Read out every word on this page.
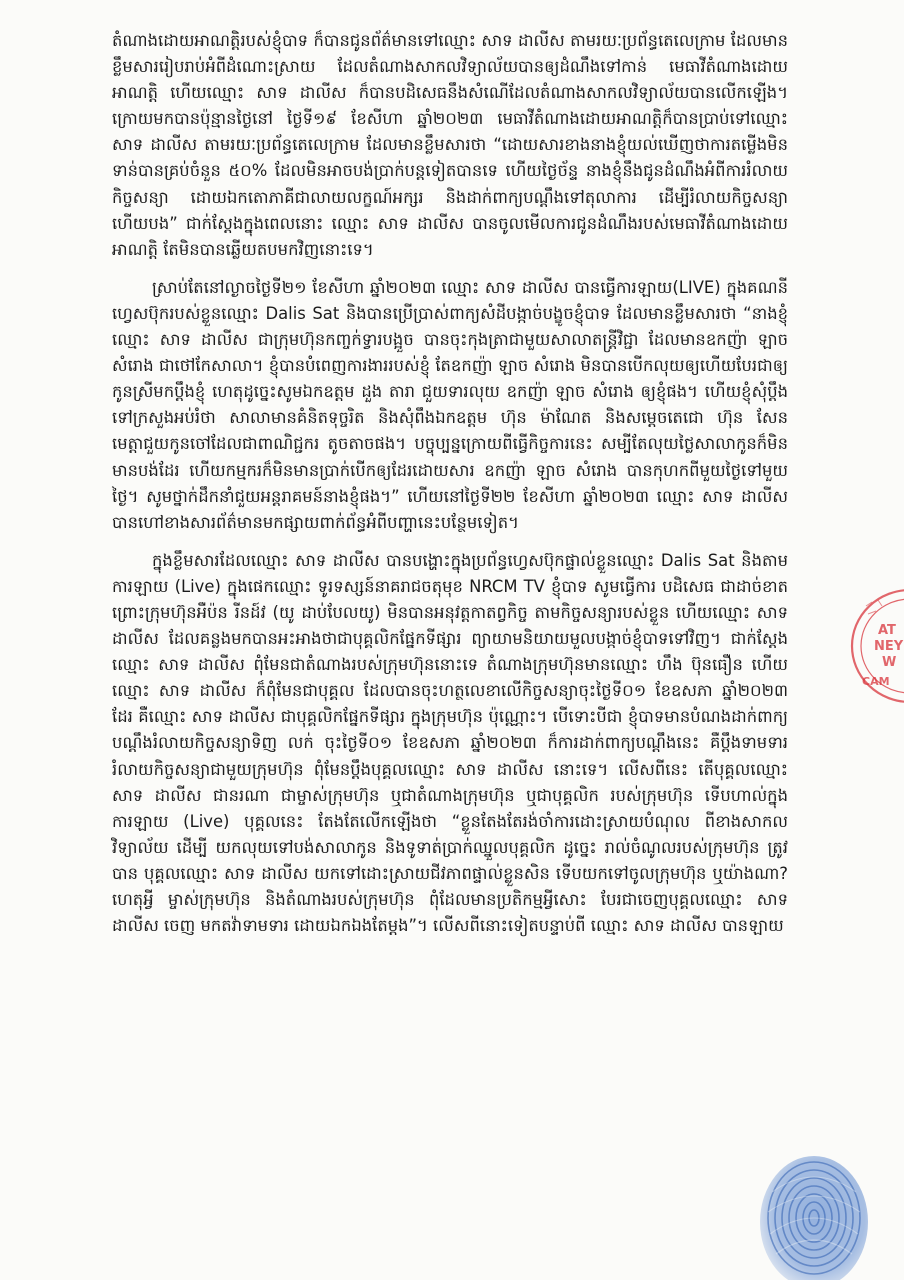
តំណាងដោយអាណត្តិរបស់ខ្ញុំបាទ ក៏បានជូនព័ត៌មានទៅឈ្មោះ សាទ ដាលីស តាមរយៈប្រព័ន្ធតេលេក្រាម ដែលមានខ្លឹមសាររៀបរាប់អំពីដំណោះស្រាយ ដែលតំណាងសាកលវិទ្យាល័យបានឲ្យដំណឹងទៅកាន់ មេធាវីតំណាងដោយអាណត្តិ ហើយឈ្មោះ សាទ ដាលីស ក៏បានបដិសេធនឹងសំណើដែលតំណាងសាកលវិទ្យាល័យបានលើកឡើង។ ក្រោយមកបានប៉ុន្មានថ្ងៃនៅ ថ្ងៃទី១៩ ខែសីហា ឆ្នាំ២០២៣ មេធាវីតំណាងដោយអាណត្តិក៏បានប្រាប់ទៅឈ្មោះ សាទ ដាលីស តាមរយៈប្រព័ន្ធតេលេក្រាម ដែលមានខ្លឹមសារថា “ដោយសារខាងនាងខ្ញុំយល់ឃើញថាការតម្លើងមិនទាន់បានគ្រប់ចំនួន ៥០% ដែលមិនអាចបង់ប្រាក់បន្តទៀតបានទេ ហើយថ្ងៃច័ន្ទ នាងខ្ញុំនឹងជូនដំណឹងអំពីការរំលាយកិច្ចសន្យា ដោយឯកតោភាគីជាលាយលក្ខណ៍អក្សរ និងដាក់ពាក្យបណ្ដឹងទៅតុលាការ ដើម្បីរំលាយកិច្ចសន្យាហើយបង” ជាក់ស្ដែងក្នុងពេលនោះ ឈ្មោះ សាទ ដាលីស បានចូលមើលការជូនដំណឹងរបស់មេធាវីតំណាងដោយអាណត្តិ តែមិនបានឆ្លើយតបមកវិញនោះទេ។

ស្រាប់តែនៅល្ងាចថ្ងៃទី២១ ខែសីហា ឆ្នាំ២០២៣ ឈ្មោះ សាទ ដាលីស បានធ្វើការឡាយ(LIVE) ក្នុងគណនីហ្វេសប៊ុករបស់ខ្លួនឈ្មោះ Dalis Sat និងបានប្រើប្រាស់ពាក្យសំដីបង្កាច់បង្ខូចខ្ញុំបាទ ដែលមានខ្លឹមសារថា “នាងខ្ញុំឈ្មោះ សាទ ដាលីស ជាក្រុមហ៊ុនកញ្ចក់ទ្វារបង្អួច បានចុះកុងត្រាជាមួយសាលាតន្ត្រីវិជ្ជា ដែលមានឧកញ៉ា ឡាច សំរោង ជាថៅកែសាលា។ ខ្ញុំបានបំពេញការងាររបស់ខ្ញុំ តែឧកញ៉ា ឡាច សំរោង មិនបានបើកលុយឲ្យហើយបែរជាឲ្យកូនស្រីមកប្ដឹងខ្ញុំ ហេតុដូច្នេះសូមឯកឧត្តម ដួង តារា ជួយទារលុយ ឧកញ៉ា ឡាច សំរោង ឲ្យខ្ញុំផង។ ហើយខ្ញុំសុំប្ដឹងទៅក្រសួងអប់រំថា សាលាមានគំនិតទុច្ចរិត និងសុំពឹងឯកឧត្តម ហ៊ុន ម៉ាណែត និងសម្ដេចតេជោ ហ៊ុន សែន មេត្តាជួយកូនចៅដែលជាពាណិជ្ជករ តូចតាចផង។ បច្ចុប្បន្នក្រោយពីធ្វើកិច្ចការនេះ សម្បីតែលុយថ្លៃសាលាកូនក៏មិនមានបង់ដែរ ហើយកម្មករក៏មិនមានប្រាក់បើកឲ្យដែរដោយសារ ឧកញ៉ា ឡាច សំរោង បានកុហកពីមួយថ្ងៃទៅមួយថ្ងៃ។ សូមថ្នាក់ដឹកនាំជួយអន្តរាគមន៍នាងខ្ញុំផង។” ហើយនៅថ្ងៃទី២២ ខែសីហា ឆ្នាំ២០២៣ ឈ្មោះ សាទ ដាលីស បានហៅខាងសារព័ត៌មានមកផ្សាយពាក់ព័ន្ធអំពីបញ្ហានេះបន្ថែមទៀត។

ក្នុងខ្លឹមសារដែលឈ្មោះ សាទ ដាលីស បានបង្ហោះក្នុងប្រព័ន្ធហ្វេសប៊ុកផ្ទាល់ខ្លួនឈ្មោះ Dalis Sat និងតាមការឡាយ (Live) ក្នុងផេកឈ្មោះ ទូរទស្សន៍នាគរាជចតុមុខ NRCM TV ខ្ញុំបាទ សូមធ្វើការ បដិសេធ ជាដាច់ខាត ព្រោះក្រុមហ៊ុនអឺប៉ន រីនដ៍វ (យូ ដាប់បែលយូ) មិនបានអនុវត្តកាតព្វកិច្ច តាមកិច្ចសន្យារបស់ខ្លួន ហើយឈ្មោះ សាទ ដាលីស ដែលគន្លងមកបានអះអាងថាជាបុគ្គលិកផ្នែកទីផ្សារ ព្យាយាមនិយាយមួលបង្កាច់ខ្ញុំបាទទៅវិញ។ ជាក់ស្ដែង ឈ្មោះ សាទ ដាលីស ពុំមែនជាតំណាងរបស់ក្រុមហ៊ុននោះទេ តំណាងក្រុមហ៊ុនមានឈ្មោះ ហឹង ប៊ុនធឿន ហើយឈ្មោះ សាទ ដាលីស ក៏ពុំមែនជាបុគ្គល ដែលបានចុះហត្ថលេខាលើកិច្ចសន្យាចុះថ្ងៃទី០១ ខែឧសភា ឆ្នាំ២០២៣ ដែរ គឺឈ្មោះ សាទ ដាលីស ជាបុគ្គលិកផ្នែកទីផ្សារ ក្នុងក្រុមហ៊ុន ប៉ុណ្ណោះ។ បើទោះបីជា ខ្ញុំបាទមានបំណងដាក់ពាក្យបណ្ដឹងរំលាយកិច្ចសន្យាទិញ លក់ ចុះថ្ងៃទី០១ ខែឧសភា ឆ្នាំ២០២៣ ក៏ការដាក់ពាក្យបណ្ដឹងនេះ គឺប្ដឹងទាមទាររំលាយកិច្ចសន្យាជាមួយក្រុមហ៊ុន ពុំមែនប្ដឹងបុគ្គលឈ្មោះ សាទ ដាលីស នោះទេ។ លើសពីនេះ តើបុគ្គលឈ្មោះ សាទ ដាលីស ជានរណា ជាម្ចាស់ក្រុមហ៊ុន ឬជាតំណាងក្រុមហ៊ុន ឬជាបុគ្គលិក របស់ក្រុមហ៊ុន ទើបហាល់ក្នុងការឡាយ (Live) បុគ្គលនេះ តែងតែលើកឡើងថា “ខ្លួនតែងតែរង់ចាំការដោះស្រាយបំណុល ពីខាងសាកលវិទ្យាល័យ ដើម្បី យកលុយទៅបង់សាលាកូន និងទូទាត់ប្រាក់ឈ្នួលបុគ្គលិក ដូច្នេះ រាល់ចំណូលរបស់ក្រុមហ៊ុន ត្រូវបាន បុគ្គលឈ្មោះ សាទ ដាលីស យកទៅដោះស្រាយជីវភាពផ្ទាល់ខ្លួនសិន ទើបយកទៅចូលក្រុមហ៊ុន ឬយ៉ាងណា? ហេតុអ្វី ម្ចាស់ក្រុមហ៊ុន និងតំណាងរបស់ក្រុមហ៊ុន ពុំដែលមានប្រតិកម្មអ្វីសោះ បែរជាចេញបុគ្គលឈ្មោះ សាទ ដាលីស ចេញ មកតវ៉ាទាមទារ ដោយឯកឯងតែម្ដង”។ លើសពីនោះទៀតបន្ទាប់ពី ឈ្មោះ សាទ ដាលីស បានឡាយ

AT
NEY
W
CAM
